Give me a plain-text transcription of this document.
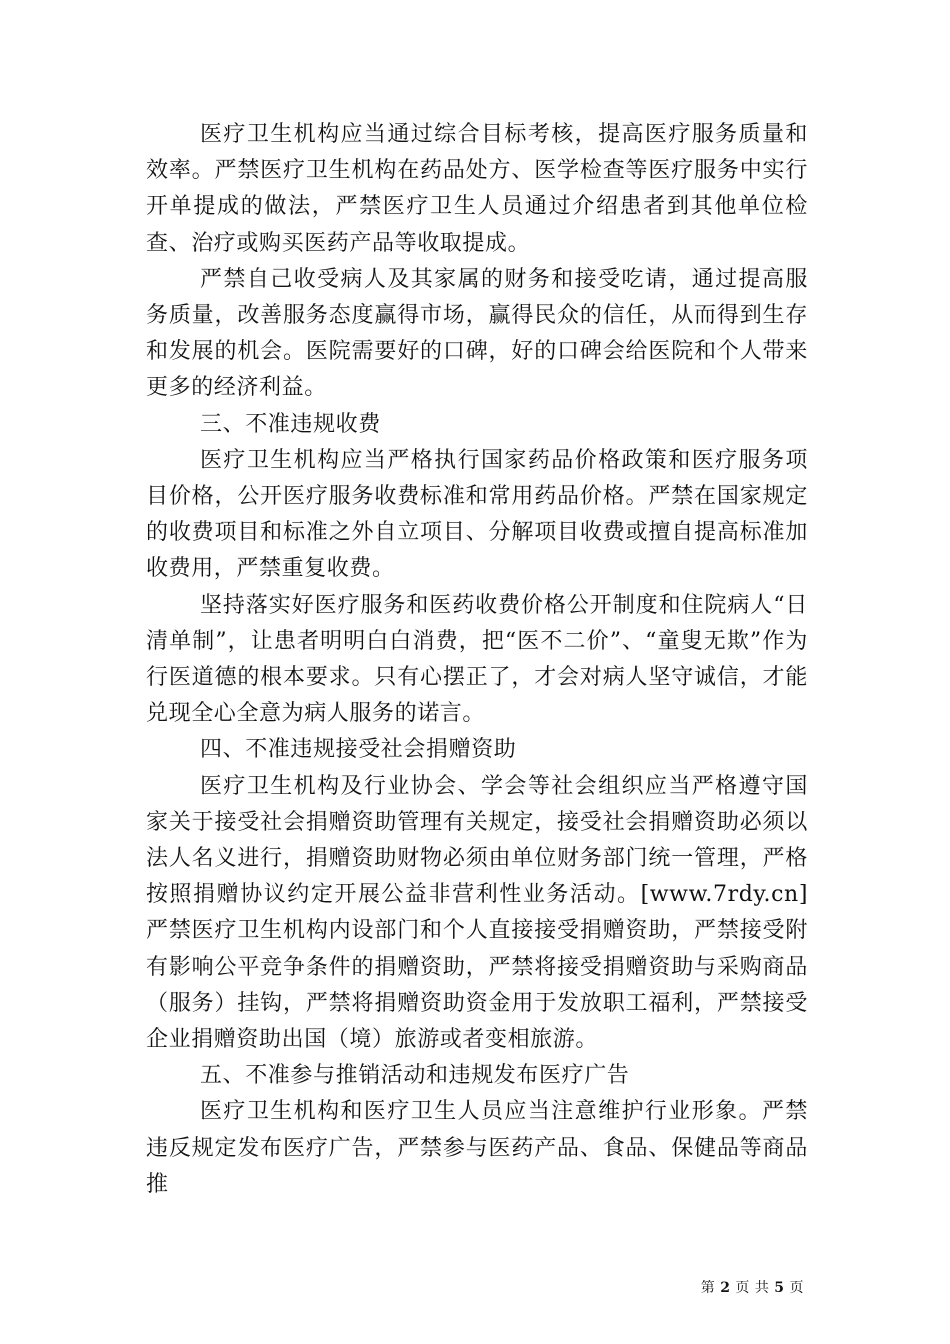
医疗卫生机构应当通过综合目标考核，提高医疗服务质量和效率。严禁医疗卫生机构在药品处方、医学检查等医疗服务中实行开单提成的做法，严禁医疗卫生人员通过介绍患者到其他单位检查、治疗或购买医药产品等收取提成。

严禁自己收受病人及其家属的财务和接受吃请，通过提高服务质量，改善服务态度赢得市场，赢得民众的信任，从而得到生存和发展的机会。医院需要好的口碑，好的口碑会给医院和个人带来更多的经济利益。

三、不准违规收费

医疗卫生机构应当严格执行国家药品价格政策和医疗服务项目价格，公开医疗服务收费标准和常用药品价格。严禁在国家规定的收费项目和标准之外自立项目、分解项目收费或擅自提高标准加收费用，严禁重复收费。

坚持落实好医疗服务和医药收费价格公开制度和住院病人“日清单制”，让患者明明白白消费，把“医不二价”、“童叟无欺”作为行医道德的根本要求。只有心摆正了，才会对病人坚守诚信，才能兑现全心全意为病人服务的诺言。

四、不准违规接受社会捐赠资助

医疗卫生机构及行业协会、学会等社会组织应当严格遵守国家关于接受社会捐赠资助管理有关规定，接受社会捐赠资助必须以法人名义进行，捐赠资助财物必须由单位财务部门统一管理，严格按照捐赠协议约定开展公益非营利性业务活动。[www.7rdy.cn]严禁医疗卫生机构内设部门和个人直接接受捐赠资助，严禁接受附有影响公平竞争条件的捐赠资助，严禁将接受捐赠资助与采购商品（服务）挂钩，严禁将捐赠资助资金用于发放职工福利，严禁接受企业捐赠资助出国（境）旅游或者变相旅游。

五、不准参与推销活动和违规发布医疗广告

医疗卫生机构和医疗卫生人员应当注意维护行业形象。严禁违反规定发布医疗广告，严禁参与医药产品、食品、保健品等商品推

第 2 页 共 5 页
